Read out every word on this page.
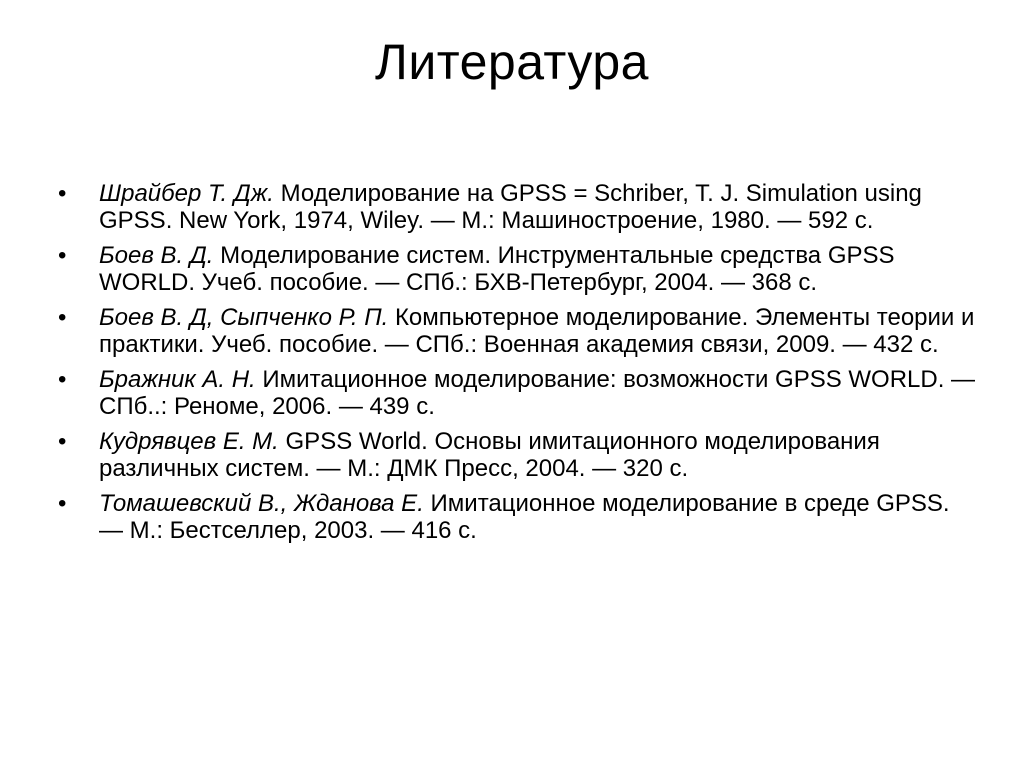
Литература
•	Шрайбер Т. Дж. Моделирование на GPSS = Schriber, T. J. Simulation using GPSS. New York, 1974, Wiley. — М.: Машиностроение, 1980. — 592 с.
•	Боев В. Д. Моделирование систем. Инструментальные средства GPSS WORLD. Учеб. пособие. — СПб.: БХВ-Петербург, 2004. — 368 с.
•	Боев В. Д, Сыпченко Р. П. Компьютерное моделирование. Элементы теории и практики. Учеб. пособие. — СПб.: Военная академия связи, 2009. — 432 с.
•	Бражник А. Н. Имитационное моделирование: возможности GPSS WORLD. — СПб..: Реноме, 2006. — 439 с.
•	Кудрявцев Е. М. GPSS World. Основы имитационного моделирования различных систем. — М.: ДМК Пресс, 2004. — 320 с.
•	Томашевский В., Жданова Е. Имитационное моделирование в среде GPSS. — М.: Бестселлер, 2003. — 416 с.
